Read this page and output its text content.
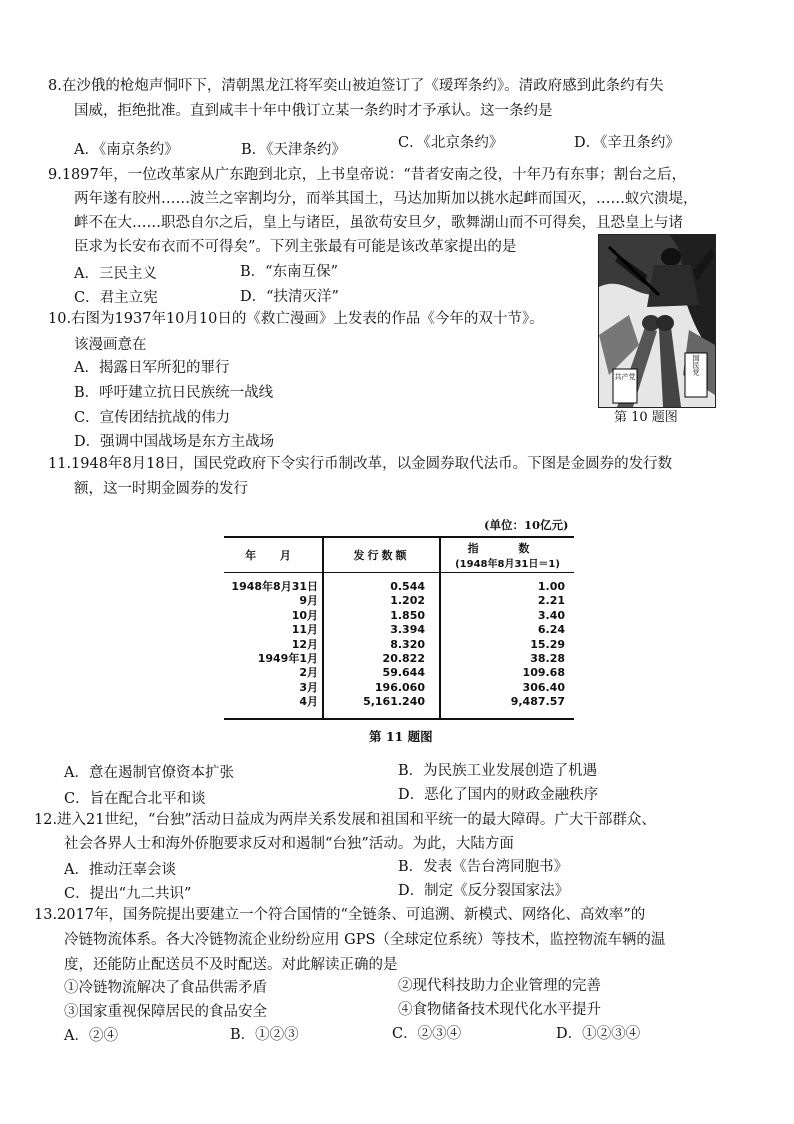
8.在沙俄的枪炮声恫吓下，清朝黑龙江将军奕山被迫签订了《瑷珲条约》。清政府感到此条约有失
国威，拒绝批准。直到咸丰十年中俄订立某一条约时才予承认。这一条约是
A．《南京条约》	B．《天津条约》	C．《北京条约》	D．《辛丑条约》
9.1897年，一位改革家从广东跑到北京，上书皇帝说：“昔者安南之役，十年乃有东事；割台之后，
两年遂有胶州……波兰之宰割均分，而举其国土，马达加斯加以挑水起衅而国灭，……蚁穴溃堤，
衅不在大……职恐自尔之后，皇上与诸臣，虽欲苟安旦夕，歌舞湖山而不可得矣，且恐皇上与诸
臣求为长安布衣而不可得矣”。下列主张最有可能是该改革家提出的是
A．三民主义	B．“东南互保”
C．君主立宪	D．“扶清灭洋”
10.右图为1937年10月10日的《救亡漫画》上发表的作品《今年的双十节》。
该漫画意在
A．揭露日军所犯的罪行
B．呼吁建立抗日民族统一战线
C．宣传团结抗战的伟力
D．强调中国战场是东方主战场
共产党
国民党
第 10 题图
11.1948年8月18日，国民党政府下令实行币制改革，以金圆券取代法币。下图是金圆券的发行数
额，这一时期金圆券的发行
(单位：10亿元)
年 月	发行数额
指 数
(1948年8月31日＝1)
1948年8月31日	0.544	1.00
9月	1.202	2.21
10月	1.850	3.40
11月	3.394	6.24
12月	8.320	15.29
1949年1月	20.822	38.28
2月	59.644	109.68
3月	196.060	306.40
4月	5,161.240	9,487.57
第 11 题图
A．意在遏制官僚资本扩张	B．为民族工业发展创造了机遇
C．旨在配合北平和谈	D．恶化了国内的财政金融秩序
12.进入21世纪，“台独”活动日益成为两岸关系发展和祖国和平统一的最大障碍。广大干部群众、
社会各界人士和海外侨胞要求反对和遏制“台独”活动。为此，大陆方面
A．推动汪辜会谈	B．发表《告台湾同胞书》
C．提出“九二共识”	D．制定《反分裂国家法》
13.2017年，国务院提出要建立一个符合国情的“全链条、可追溯、新模式、网络化、高效率”的
冷链物流体系。各大冷链物流企业纷纷应用 GPS（全球定位系统）等技术，监控物流车辆的温
度，还能防止配送员不及时配送。对此解读正确的是
①冷链物流解决了食品供需矛盾	②现代科技助力企业管理的完善
③国家重视保障居民的食品安全	④食物储备技术现代化水平提升
A．②④	B．①②③	C．②③④	D．①②③④
